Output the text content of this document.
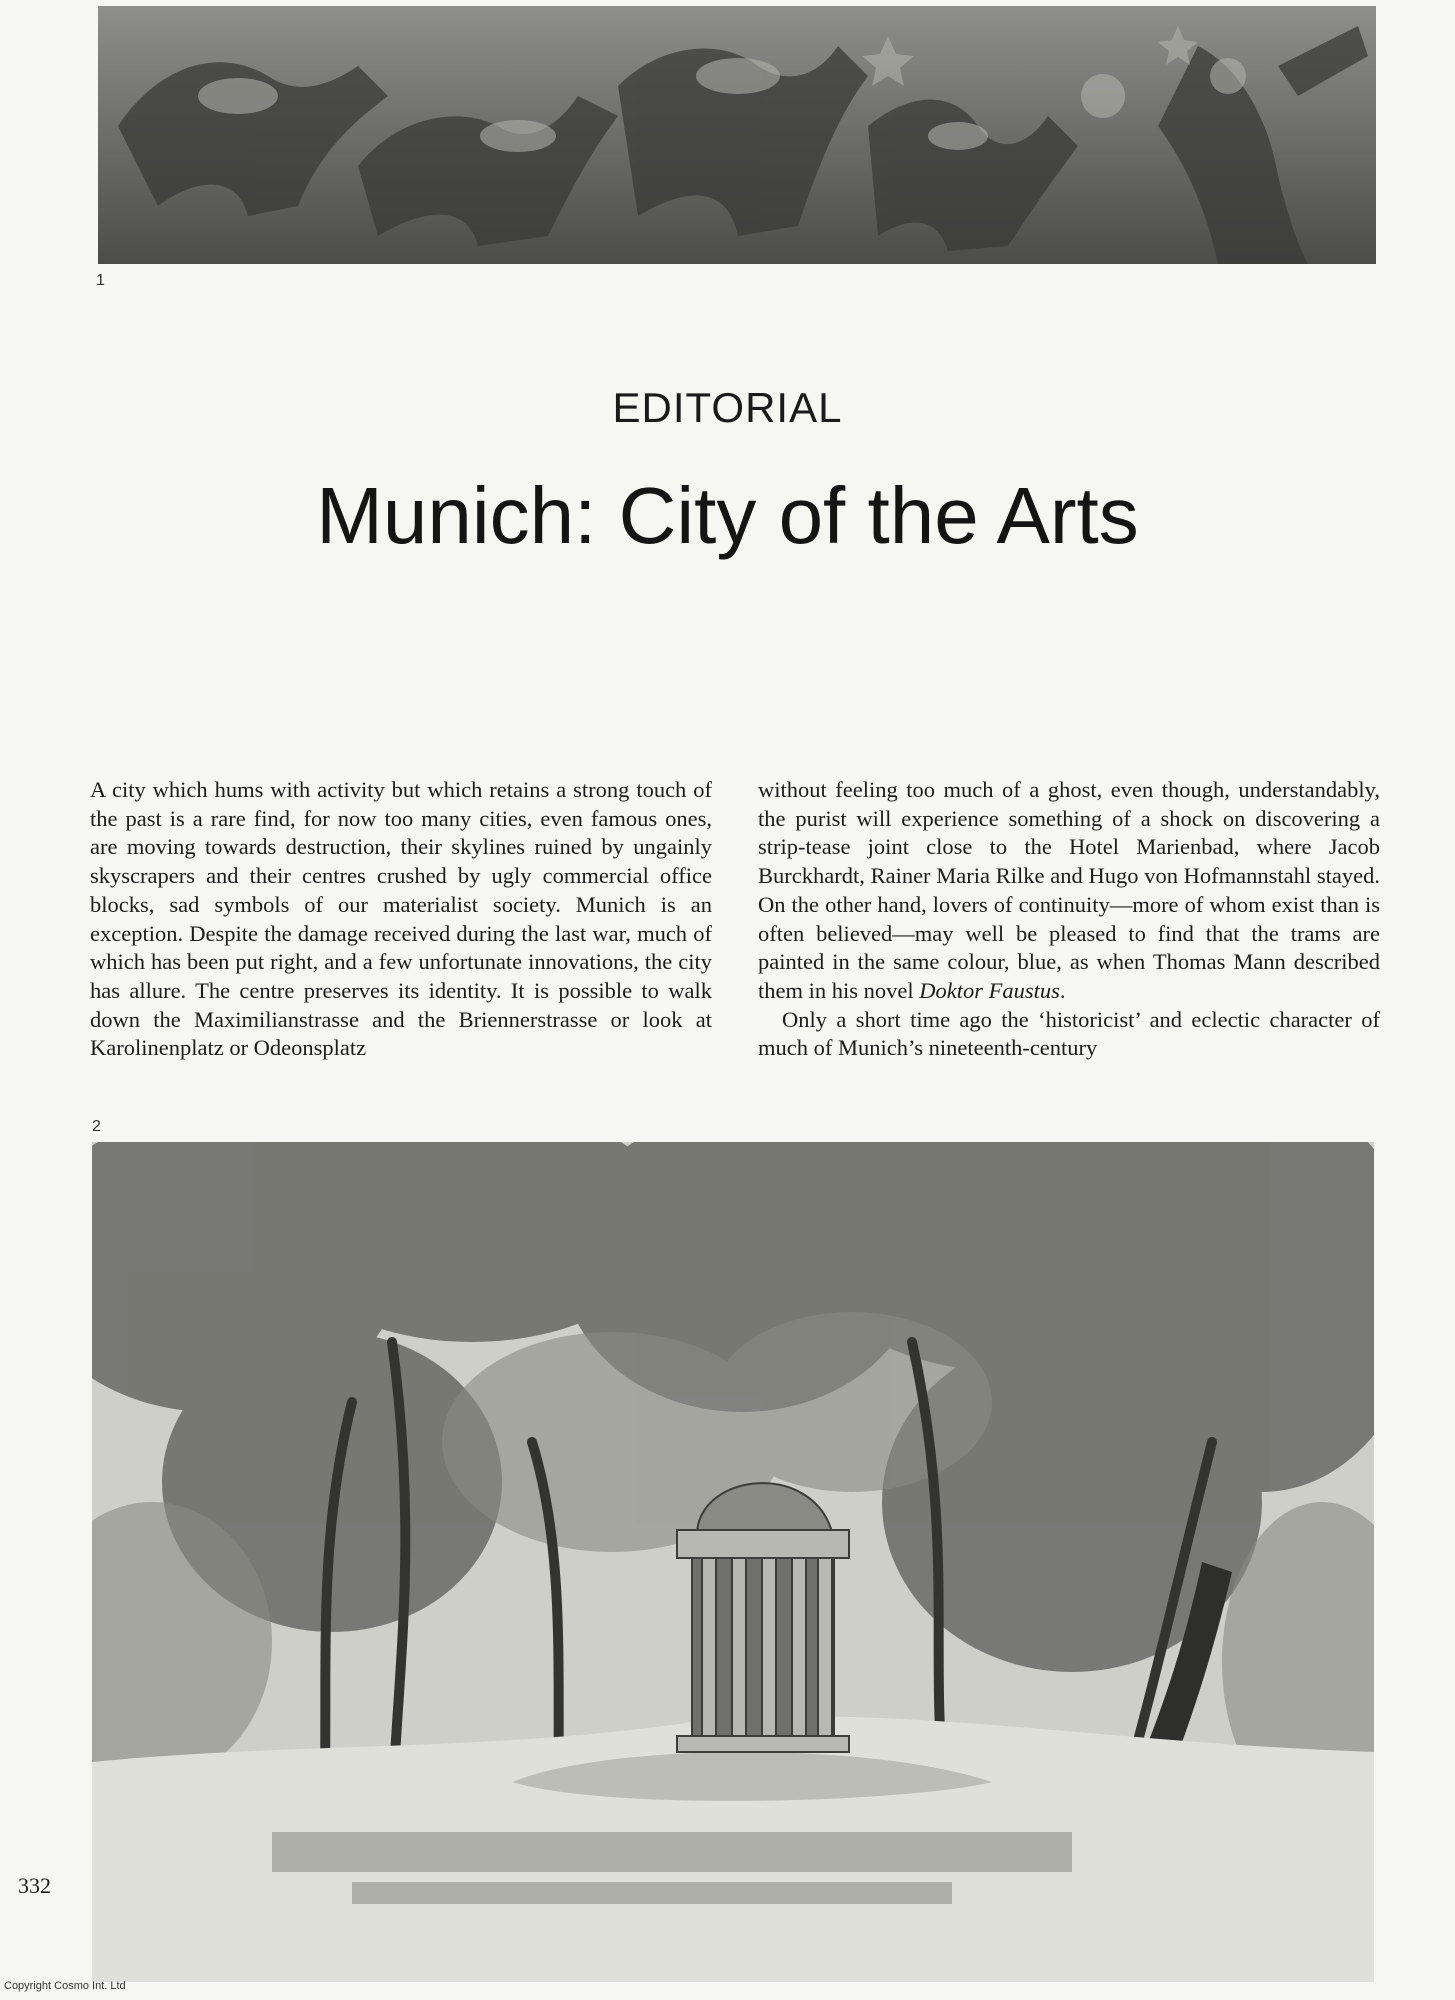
1
EDITORIAL
Munich: City of the Arts

A city which hums with activity but which retains a strong touch of the past is a rare find, for now too many cities, even famous ones, are moving towards destruction, their skylines ruined by ungainly skyscrapers and their centres crushed by ugly commercial office blocks, sad symbols of our materialist society. Munich is an exception. Despite the damage received during the last war, much of which has been put right, and a few unfortunate innovations, the city has allure. The centre preserves its identity. It is possible to walk down the Maximilianstrasse and the Briennerstrasse or look at Karolinenplatz or Odeonsplatz

without feeling too much of a ghost, even though, understandably, the purist will experience something of a shock on discovering a strip-tease joint close to the Hotel Marienbad, where Jacob Burckhardt, Rainer Maria Rilke and Hugo von Hofmannstahl stayed. On the other hand, lovers of continuity—more of whom exist than is often believed—may well be pleased to find that the trams are painted in the same colour, blue, as when Thomas Mann described them in his novel Doktor Faustus.

Only a short time ago the ‘historicist’ and eclectic character of much of Munich’s nineteenth-century

2
332
Copyright Cosmo Int. Ltd
